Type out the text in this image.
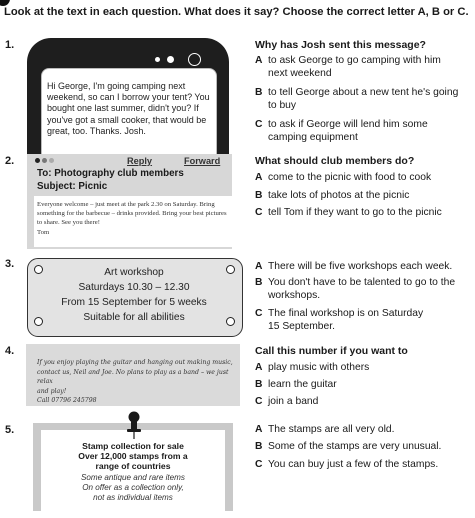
Look at the text in each question. What does it say? Choose the correct letter A, B or C.
1.
Hi George, I'm going camping next weekend, so can I borrow your tent? You bought one last summer, didn't you? If you've got a small cooker, that would be great, too. Thanks. Josh.
Why has Josh sent this message?
A to ask George to go camping with him
next weekend
B to tell George about a new tent he's going
to buy
C to ask if George will lend him some
camping equipment
2.	Reply	Forward
To: Photography club members
Subject: Picnic
Everyone welcome – just meet at the park 2.30 on Saturday. Bring something for the barbecue – drinks provided. Bring your best pictures to share. See you there!
Tom
What should club members do?
A come to the picnic with food to cook
B take lots of photos at the picnic
C tell Tom if they want to go to the picnic
3.
Art workshop
Saturdays 10.30 – 12.30
From 15 September for 5 weeks
Suitable for all abilities
A There will be five workshops each week.
B You don't have to be talented to go to the
workshops.
C The final workshop is on Saturday
15 September.
4.
If you enjoy playing the guitar and hanging out making music,
contact us, Neil and Joe. No plans to play as a band – we just relax
and play!
Call 07796 245798
Call this number if you want to
A play music with others
B learn the guitar
C join a band
5.
Stamp collection for sale
Over 12,000 stamps from a
range of countries
Some antique and rare items
On offer as a collection only,
not as individual items
A The stamps are all very old.
B Some of the stamps are very unusual.
C You can buy just a few of the stamps.
